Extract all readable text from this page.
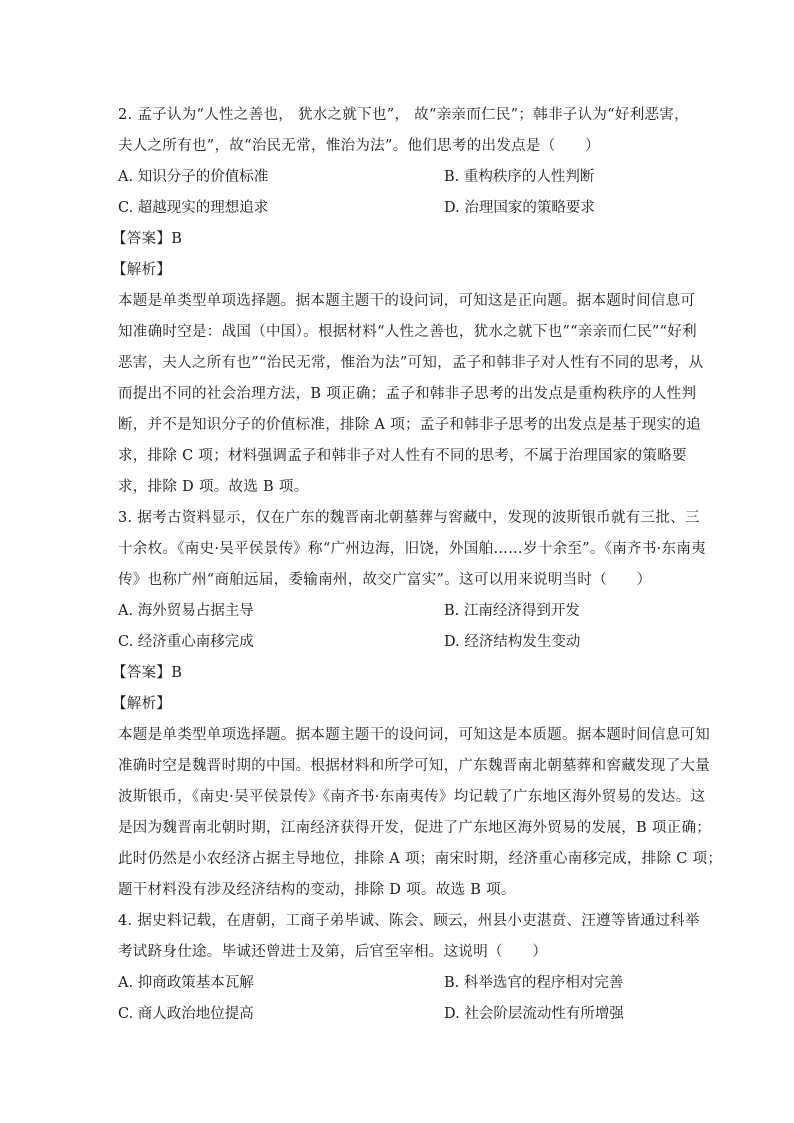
2. 孟子认为“人性之善也， 犹水之就下也”， 故“亲亲而仁民”；韩非子认为“好利恶害，
夫人之所有也”，故“治民无常，惟治为法”。他们思考的出发点是（　　）
A. 知识分子的价值标准	B. 重构秩序的人性判断
C. 超越现实的理想追求	D. 治理国家的策略要求
【答案】B
【解析】
本题是单类型单项选择题。据本题主题干的设问词，可知这是正向题。据本题时间信息可
知准确时空是：战国（中国）。根据材料“人性之善也，犹水之就下也”“亲亲而仁民”“好利
恶害，夫人之所有也”“治民无常，惟治为法”可知，孟子和韩非子对人性有不同的思考，从
而提出不同的社会治理方法，B 项正确；孟子和韩非子思考的出发点是重构秩序的人性判
断，并不是知识分子的价值标准，排除 A 项；孟子和韩非子思考的出发点是基于现实的追
求，排除 C 项；材料强调孟子和韩非子对人性有不同的思考，不属于治理国家的策略要
求，排除 D 项。故选 B 项。
3. 据考古资料显示，仅在广东的魏晋南北朝墓葬与窖藏中，发现的波斯银币就有三批、三
十余枚。《南史·吴平侯景传》称“广州边海，旧饶，外国舶……岁十余至”。《南齐书·东南夷
传》也称广州“商舶远届，委输南州，故交广富实”。这可以用来说明当时（　　）
A. 海外贸易占据主导	B. 江南经济得到开发
C. 经济重心南移完成	D. 经济结构发生变动
【答案】B
【解析】
本题是单类型单项选择题。据本题主题干的设问词，可知这是本质题。据本题时间信息可知
准确时空是魏晋时期的中国。根据材料和所学可知，广东魏晋南北朝墓葬和窖藏发现了大量
波斯银币，《南史·吴平侯景传》《南齐书·东南夷传》均记载了广东地区海外贸易的发达。这
是因为魏晋南北朝时期，江南经济获得开发，促进了广东地区海外贸易的发展，B 项正确；
此时仍然是小农经济占据主导地位，排除 A 项；南宋时期，经济重心南移完成，排除 C 项；
题干材料没有涉及经济结构的变动，排除 D 项。故选 B 项。
4. 据史料记载，在唐朝，工商子弟毕诚、陈会、顾云，州县小吏湛贲、汪遵等皆通过科举
考试跻身仕途。毕诚还曾进士及第，后官至宰相。这说明（　　）
A. 抑商政策基本瓦解	B. 科举选官的程序相对完善
C. 商人政治地位提高	D. 社会阶层流动性有所增强
